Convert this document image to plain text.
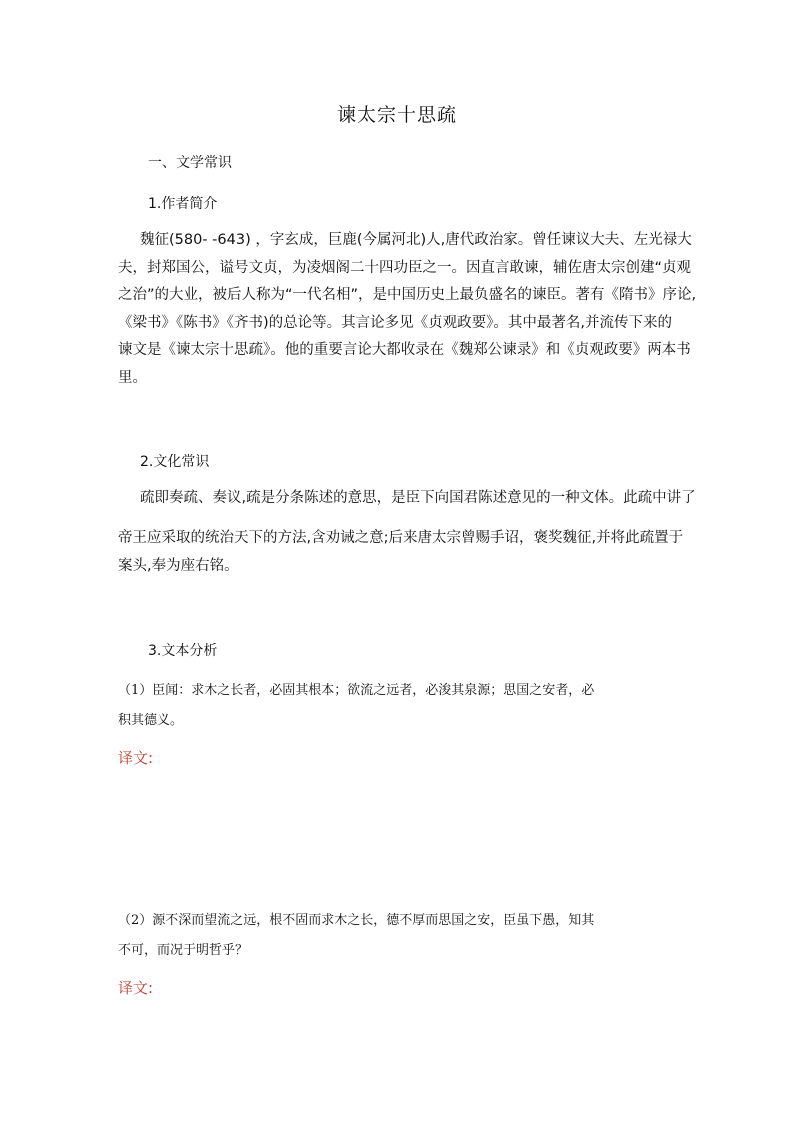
谏太宗十思疏
一、文学常识
1.作者简介
魏征(580- -643) ，字玄成，巨鹿(今属河北)人,唐代政治家。曾任谏议大夫、左光禄大
夫，封郑国公，谥号文贞，为凌烟阁二十四功臣之一。因直言敢谏，辅佐唐太宗创建“贞观
之治”的大业，被后人称为“一代名相”，是中国历史上最负盛名的谏臣。著有《隋书》序论,
《梁书》《陈书》《齐书)的总论等。其言论多见《贞观政要》。其中最著名,并流传下来的
谏文是《谏太宗十思疏》。他的重要言论大都收录在《魏郑公谏录》和《贞观政要》两本书
里。
2.文化常识
疏即奏疏、奏议,疏是分条陈述的意思，是臣下向国君陈述意见的一种文体。此疏中讲了
帝王应采取的统治天下的方法,含劝诫之意;后来唐太宗曾赐手诏，褒奖魏征,并将此疏置于
案头,奉为座右铭。
3.文本分析
（1）臣闻：求木之长者，必固其根本；欲流之远者，必浚其泉源；思国之安者，必
积其德义。
译文:
（2）源不深而望流之远，根不固而求木之长，德不厚而思国之安，臣虽下愚，知其
不可，而况于明哲乎？
译文:
